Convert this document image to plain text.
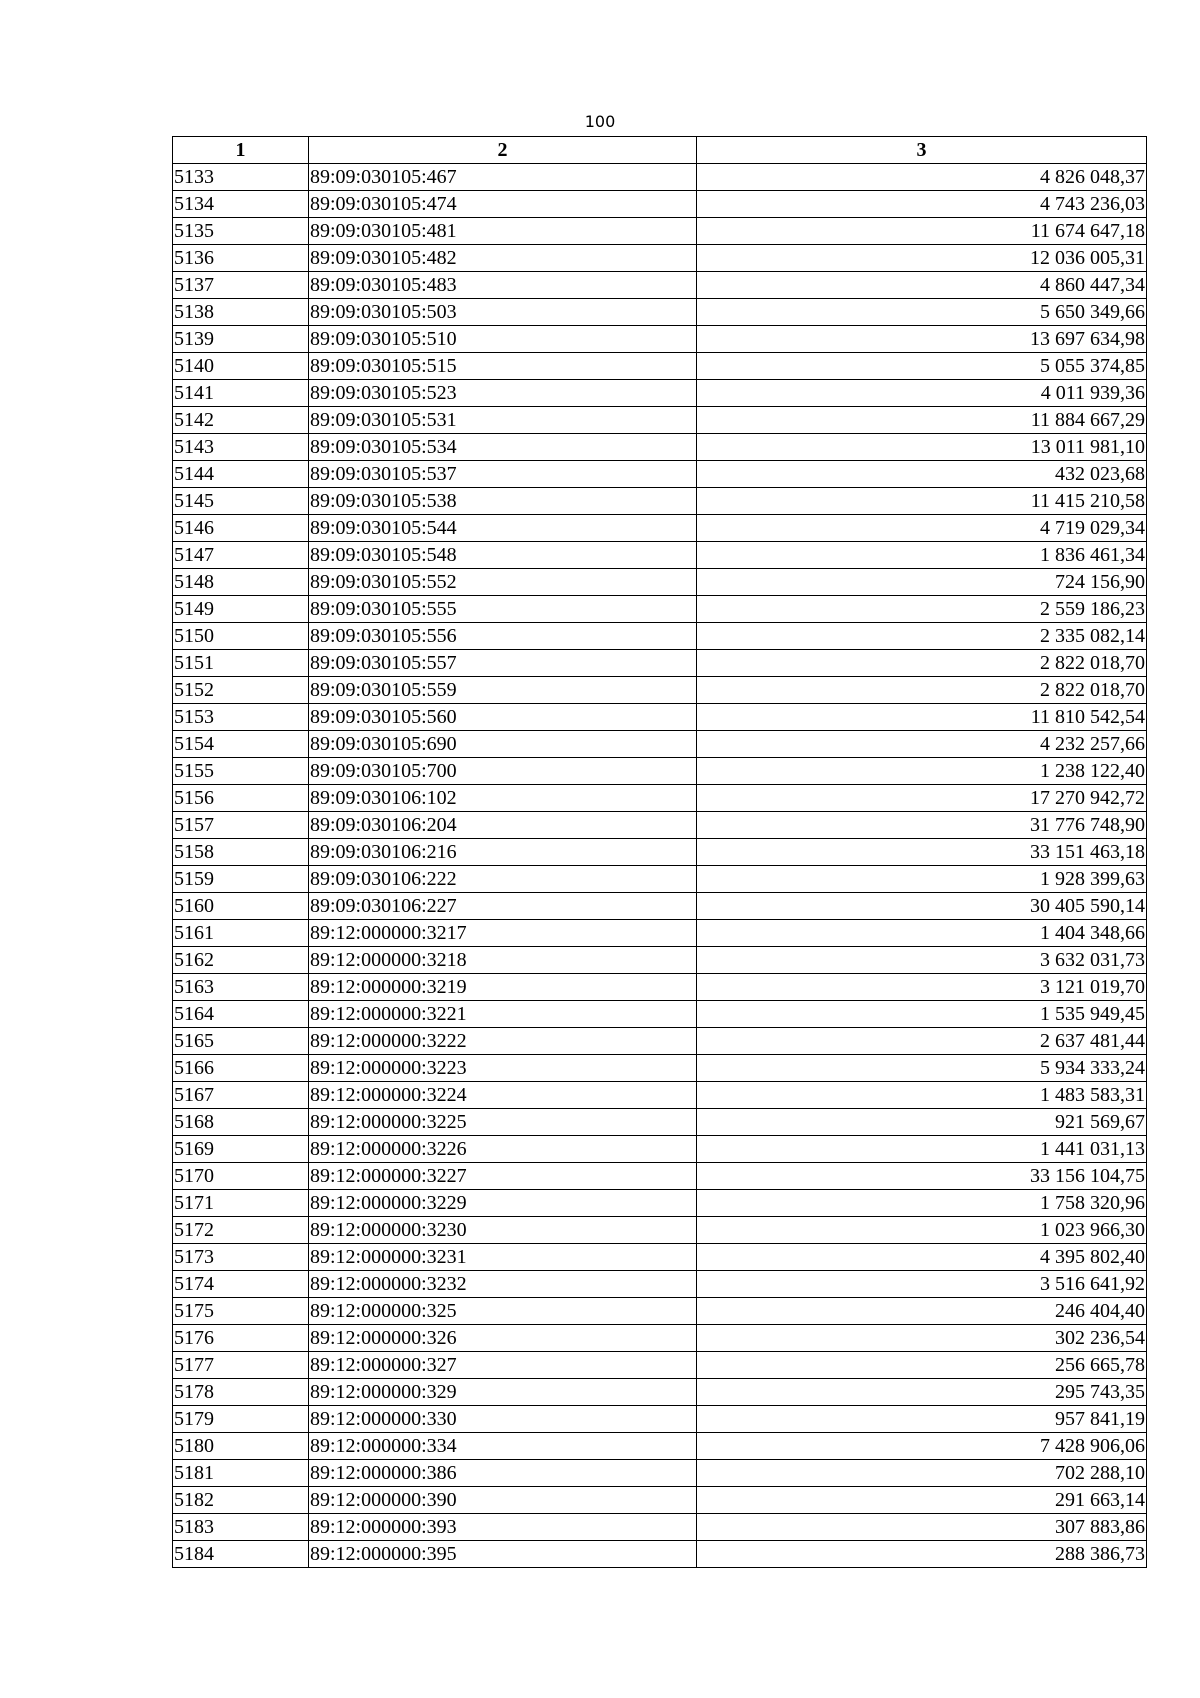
100
1	2	3
5133	89:09:030105:467	4 826 048,37
5134	89:09:030105:474	4 743 236,03
5135	89:09:030105:481	11 674 647,18
5136	89:09:030105:482	12 036 005,31
5137	89:09:030105:483	4 860 447,34
5138	89:09:030105:503	5 650 349,66
5139	89:09:030105:510	13 697 634,98
5140	89:09:030105:515	5 055 374,85
5141	89:09:030105:523	4 011 939,36
5142	89:09:030105:531	11 884 667,29
5143	89:09:030105:534	13 011 981,10
5144	89:09:030105:537	432 023,68
5145	89:09:030105:538	11 415 210,58
5146	89:09:030105:544	4 719 029,34
5147	89:09:030105:548	1 836 461,34
5148	89:09:030105:552	724 156,90
5149	89:09:030105:555	2 559 186,23
5150	89:09:030105:556	2 335 082,14
5151	89:09:030105:557	2 822 018,70
5152	89:09:030105:559	2 822 018,70
5153	89:09:030105:560	11 810 542,54
5154	89:09:030105:690	4 232 257,66
5155	89:09:030105:700	1 238 122,40
5156	89:09:030106:102	17 270 942,72
5157	89:09:030106:204	31 776 748,90
5158	89:09:030106:216	33 151 463,18
5159	89:09:030106:222	1 928 399,63
5160	89:09:030106:227	30 405 590,14
5161	89:12:000000:3217	1 404 348,66
5162	89:12:000000:3218	3 632 031,73
5163	89:12:000000:3219	3 121 019,70
5164	89:12:000000:3221	1 535 949,45
5165	89:12:000000:3222	2 637 481,44
5166	89:12:000000:3223	5 934 333,24
5167	89:12:000000:3224	1 483 583,31
5168	89:12:000000:3225	921 569,67
5169	89:12:000000:3226	1 441 031,13
5170	89:12:000000:3227	33 156 104,75
5171	89:12:000000:3229	1 758 320,96
5172	89:12:000000:3230	1 023 966,30
5173	89:12:000000:3231	4 395 802,40
5174	89:12:000000:3232	3 516 641,92
5175	89:12:000000:325	246 404,40
5176	89:12:000000:326	302 236,54
5177	89:12:000000:327	256 665,78
5178	89:12:000000:329	295 743,35
5179	89:12:000000:330	957 841,19
5180	89:12:000000:334	7 428 906,06
5181	89:12:000000:386	702 288,10
5182	89:12:000000:390	291 663,14
5183	89:12:000000:393	307 883,86
5184	89:12:000000:395	288 386,73
